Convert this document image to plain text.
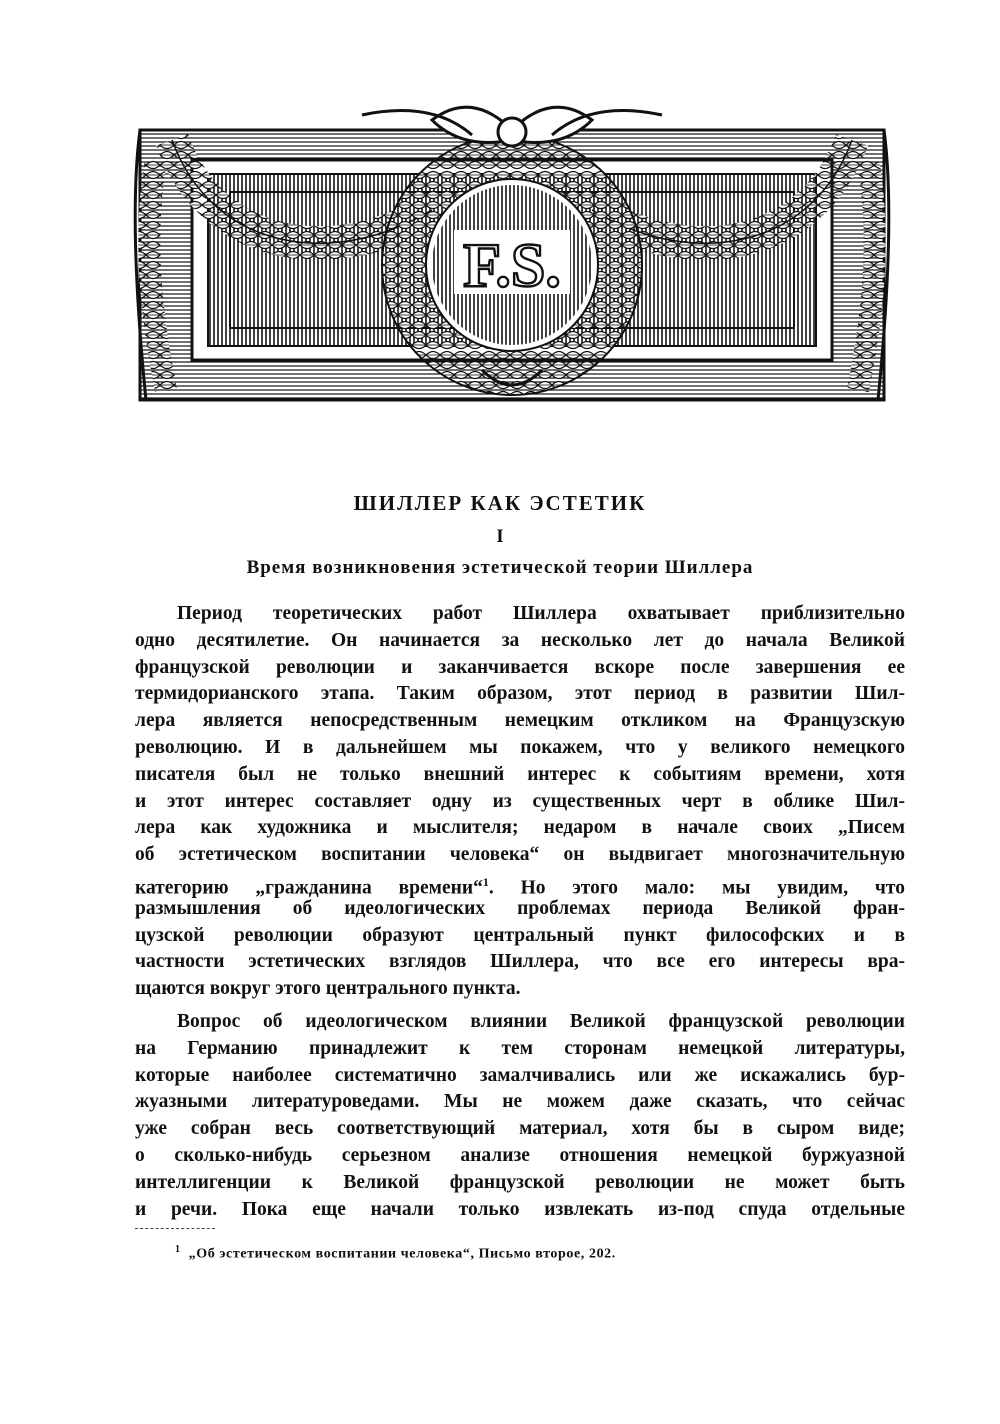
F.S.
ШИЛЛЕР КАК ЭСТЕТИК
I
Время возникновения эстетической теории Шиллера
Период теоретических работ Шиллера охватывает приблизительно
одно десятилетие. Он начинается за несколько лет до начала Великой
французской революции и заканчивается вскоре после завершения ее
термидорианского этапа. Таким образом, этот период в развитии Шил-
лера является непосредственным немецким откликом на Французскую
революцию. И в дальнейшем мы покажем, что у великого немецкого
писателя был не только внешний интерес к событиям времени, хотя
и этот интерес составляет одну из существенных черт в облике Шил-
лера как художника и мыслителя; недаром в начале своих „Писем
об эстетическом воспитании человека“ он выдвигает многозначительную
категорию „гражданина времени“$^1$. Но этого мало: мы увидим, что
размышления об идеологических проблемах периода Великой фран-
цузской революции образуют центральный пункт философских и в
частности эстетических взглядов Шиллера, что все его интересы вра-
щаются вокруг этого центрального пункта.
Вопрос об идеологическом влиянии Великой французской революции
на Германию принадлежит к тем сторонам немецкой литературы,
которые наиболее систематично замалчивались или же искажались бур-
жуазными литературоведами. Мы не можем даже сказать, что сейчас
уже собран весь соответствующий материал, хотя бы в сыром виде;
о сколько-нибудь серьезном анализе отношения немецкой буржуазной
интеллигенции к Великой французской революции не может быть
и речи. Пока еще начали только извлекать из-под спуда отдельные
$^1$ „Об эстетическом воспитании человека“, Письмо второе, 202.
